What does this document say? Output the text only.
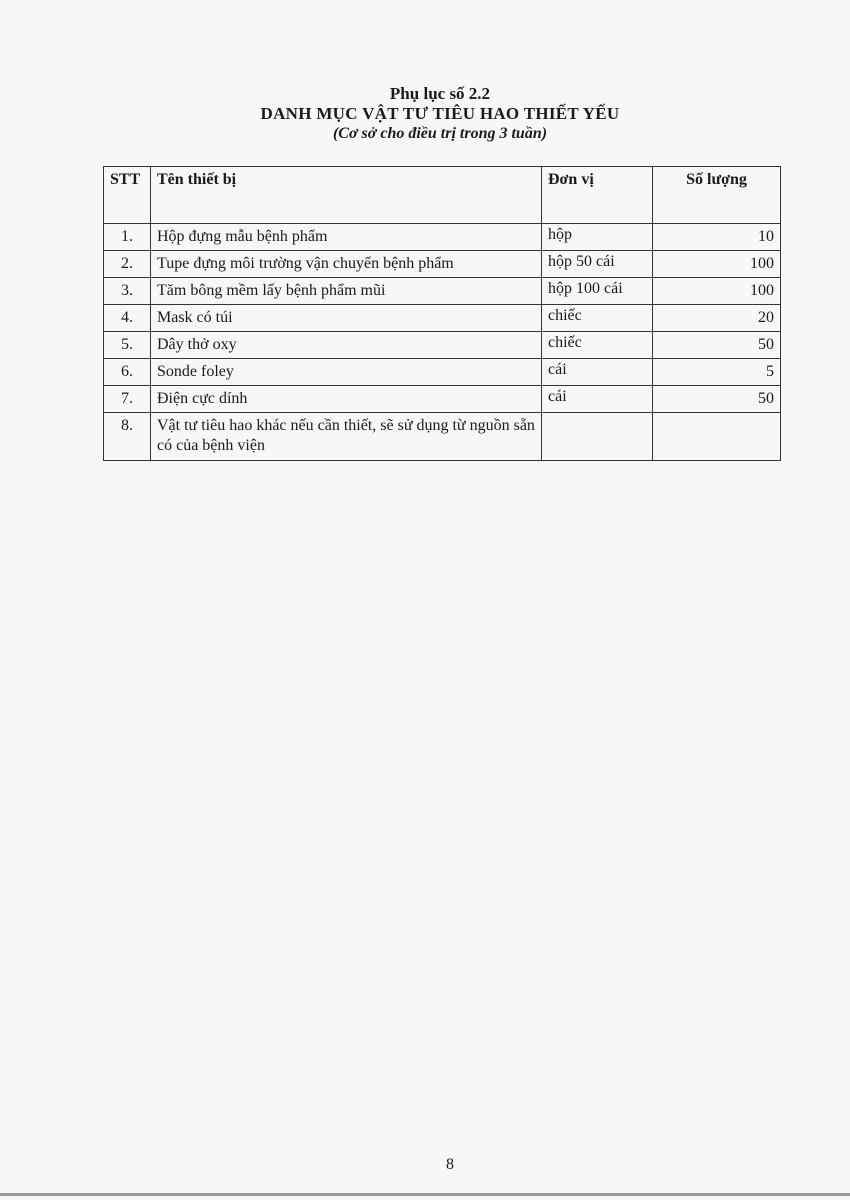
Phụ lục số 2.2
DANH MỤC VẬT TƯ TIÊU HAO THIẾT YẾU
(Cơ sở cho điều trị trong 3 tuần)
STT	Tên thiết bị	Đơn vị	Số lượng
1.	Hộp đựng mẫu bệnh phẩm	hộp	10
2.	Tupe đựng môi trường vận chuyển bệnh phẩm	hộp 50 cái	100
3.	Tăm bông mềm lấy bệnh phẩm mũi	hộp 100 cái	100
4.	Mask có túi	chiếc	20
5.	Dây thở oxy	chiếc	50
6.	Sonde foley	cái	5
7.	Điện cực dính	cái	50
8.	Vật tư tiêu hao khác nếu cần thiết, sẽ sử dụng từ nguồn sẵn có của bệnh viện		
8
